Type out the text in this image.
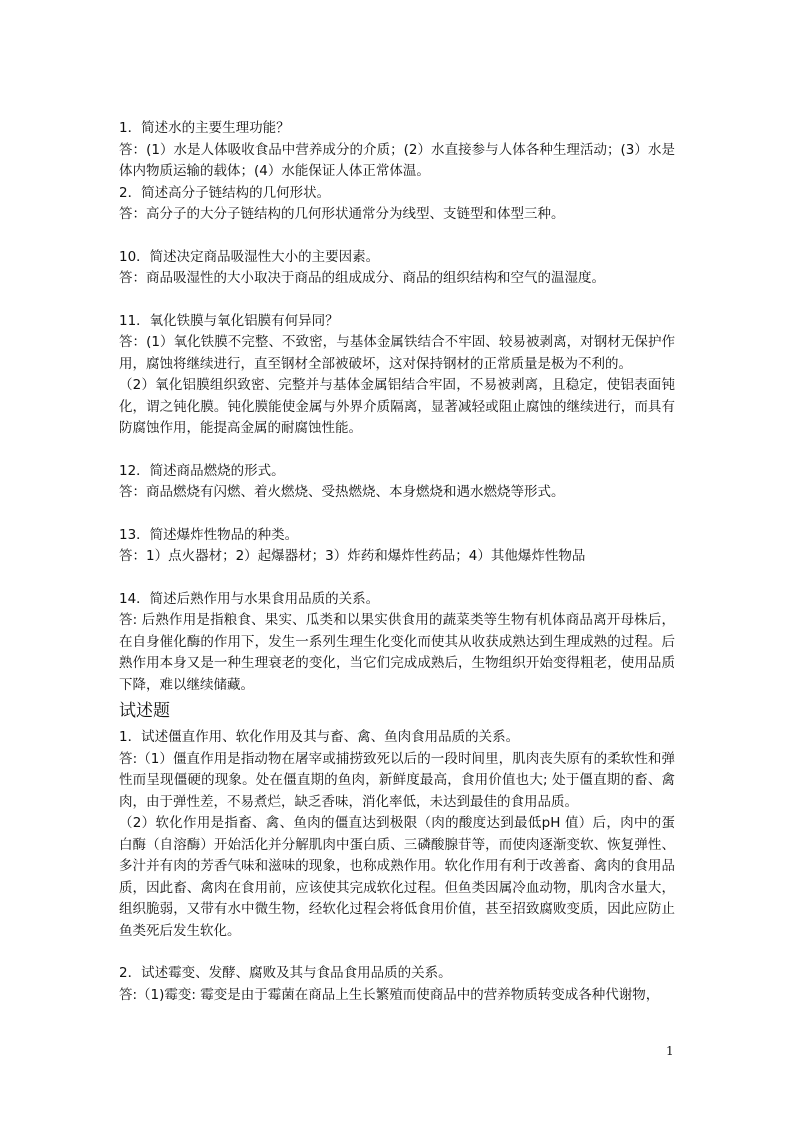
1．简述水的主要生理功能？

答：(1）水是人体吸收食品中营养成分的介质；(2）水直接参与人体各种生理活动；(3）水是体内物质运输的载体；(4）水能保证人体正常体温。

2．简述高分子链结构的几何形状。

答：高分子的大分子链结构的几何形状通常分为线型、支链型和体型三种。

10．简述决定商品吸湿性大小的主要因素。

答：商品吸湿性的大小取决于商品的组成成分、商品的组织结构和空气的温湿度。

11．氧化铁膜与氧化铝膜有何异同？

答：(1）氧化铁膜不完整、不致密，与基体金属铁结合不牢固、较易被剥离，对钢材无保护作用，腐蚀将继续进行，直至钢材全部被破坏，这对保持钢材的正常质量是极为不利的。

（2）氧化铝膜组织致密、完整并与基体金属铝结合牢固，不易被剥离，且稳定，使铝表面钝化，谓之钝化膜。钝化膜能使金属与外界介质隔离，显著减轻或阻止腐蚀的继续进行，而具有防腐蚀作用，能提高金属的耐腐蚀性能。

12．简述商品燃烧的形式。

答：商品燃烧有闪燃、着火燃烧、受热燃烧、本身燃烧和遇水燃烧等形式。

13．简述爆炸性物品的种类。

答：1）点火器材；2）起爆器材；3）炸药和爆炸性药品；4）其他爆炸性物品

14．简述后熟作用与水果食用品质的关系。

答: 后熟作用是指粮食、果实、瓜类和以果实供食用的蔬菜类等生物有机体商品离开母株后，在自身催化酶的作用下，发生一系列生理生化变化而使其从收获成熟达到生理成熟的过程。后熟作用本身又是一种生理衰老的变化，当它们完成成熟后，生物组织开始变得粗老，使用品质下降，难以继续储藏。

试述题

1．试述僵直作用、软化作用及其与畜、禽、鱼肉食用品质的关系。

答:（1）僵直作用是指动物在屠宰或捕捞致死以后的一段时间里，肌肉丧失原有的柔软性和弹性而呈现僵硬的现象。处在僵直期的鱼肉，新鲜度最高，食用价值也大; 处于僵直期的畜、禽肉，由于弹性差，不易煮烂，缺乏香味，消化率低，未达到最佳的食用品质。

（2）软化作用是指畜、禽、鱼肉的僵直达到极限（肉的酸度达到最低pH 值）后，肉中的蛋白酶（自溶酶）开始活化并分解肌肉中蛋白质、三磷酸腺苷等，而使肉逐渐变软、恢复弹性、多汁并有肉的芳香气味和滋味的现象，也称成熟作用。软化作用有利于改善畜、禽肉的食用品质，因此畜、禽肉在食用前，应该使其完成软化过程。但鱼类因属冷血动物，肌肉含水量大，组织脆弱，又带有水中微生物，经软化过程会将低食用价值，甚至招致腐败变质，因此应防止鱼类死后发生软化。

2．试述霉变、发酵、腐败及其与食品食用品质的关系。

答:（1)霉变: 霉变是由于霉菌在商品上生长繁殖而使商品中的营养物质转变成各种代谢物，

1
